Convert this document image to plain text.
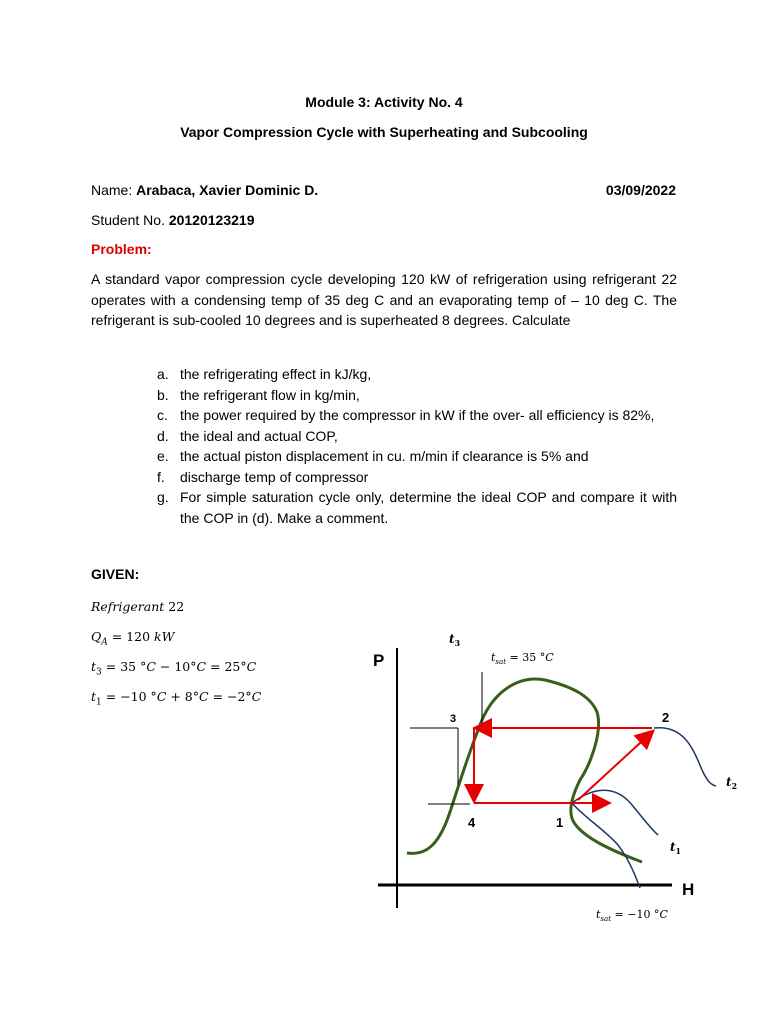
Module 3: Activity No. 4
Vapor Compression Cycle with Superheating and Subcooling
Name: Arabaca, Xavier Dominic D.	03/09/2022
Student No. 20120123219
Problem:
A standard vapor compression cycle developing 120 kW of refrigeration using refrigerant 22 operates with a condensing temp of 35 deg C and an evaporating temp of – 10 deg C. The refrigerant is sub-cooled 10 degrees and is superheated 8 degrees. Calculate
a. the refrigerating effect in kJ/kg,
b. the refrigerant flow in kg/min,
c. the power required by the compressor in kW if the over- all efficiency is 82%,
d. the ideal and actual COP,
e. the actual piston displacement in cu. m/min if clearance is 5% and
f.	discharge temp of compressor
g. For simple saturation cycle only, determine the ideal COP and compare it with the COP in (d). Make a comment.
GIVEN:
Refrigerant 22
$Q_A = 120$ kW
$t_3 = 35$ °C − 10°C = 25°C
$t_1 = -10$ °C + 8°C = −2°C
P
H
3	2
4	1
$t_3$
$t_{sat} = 35$ °C
$t_2$
$t_1$
$t_{sat} = -10$ °C
